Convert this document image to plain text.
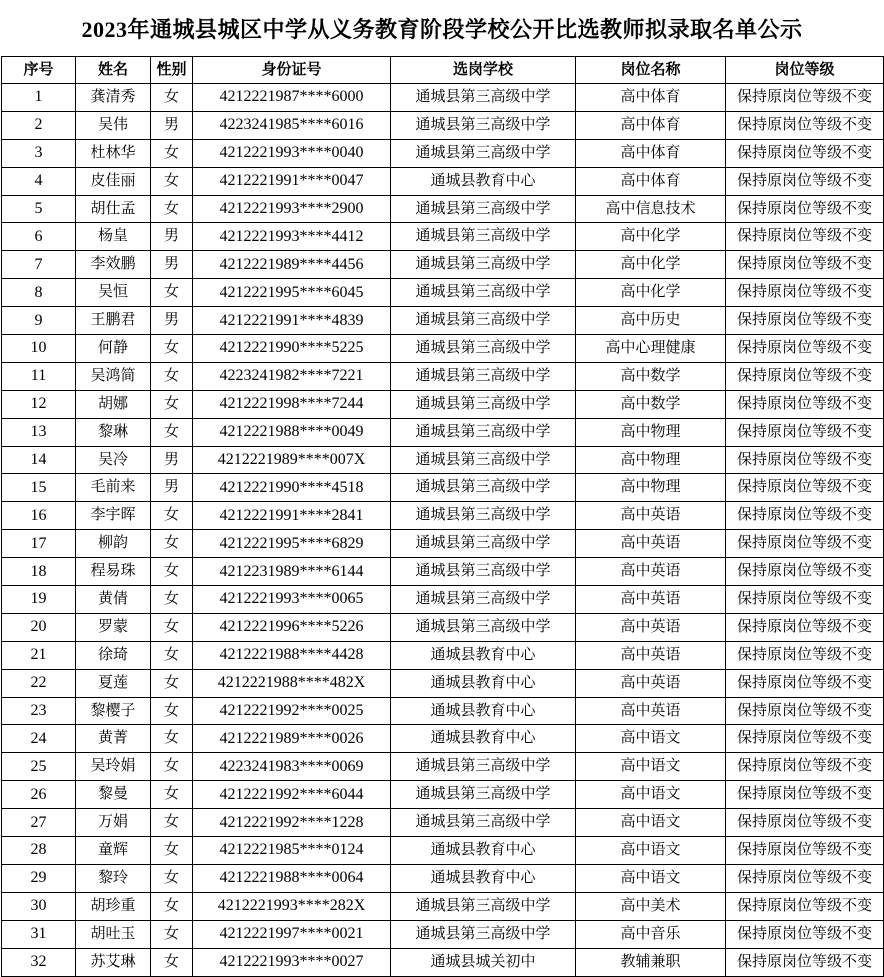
2023年通城县城区中学从义务教育阶段学校公开比选教师拟录取名单公示
序号	姓名	性别	身份证号	选岗学校	岗位名称	岗位等级
1	龚清秀	女	4212221987****6000	通城县第三高级中学	高中体育	保持原岗位等级不变
2	吴伟	男	4223241985****6016	通城县第三高级中学	高中体育	保持原岗位等级不变
3	杜林华	女	4212221993****0040	通城县第三高级中学	高中体育	保持原岗位等级不变
4	皮佳丽	女	4212221991****0047	通城县教育中心	高中体育	保持原岗位等级不变
5	胡仕孟	女	4212221993****2900	通城县第三高级中学	高中信息技术	保持原岗位等级不变
6	杨皇	男	4212221993****4412	通城县第三高级中学	高中化学	保持原岗位等级不变
7	李效鹏	男	4212221989****4456	通城县第三高级中学	高中化学	保持原岗位等级不变
8	吴恒	女	4212221995****6045	通城县第三高级中学	高中化学	保持原岗位等级不变
9	王鹏君	男	4212221991****4839	通城县第三高级中学	高中历史	保持原岗位等级不变
10	何静	女	4212221990****5225	通城县第三高级中学	高中心理健康	保持原岗位等级不变
11	吴鸿简	女	4223241982****7221	通城县第三高级中学	高中数学	保持原岗位等级不变
12	胡娜	女	4212221998****7244	通城县第三高级中学	高中数学	保持原岗位等级不变
13	黎琳	女	4212221988****0049	通城县第三高级中学	高中物理	保持原岗位等级不变
14	吴冷	男	4212221989****007X	通城县第三高级中学	高中物理	保持原岗位等级不变
15	毛前来	男	4212221990****4518	通城县第三高级中学	高中物理	保持原岗位等级不变
16	李宇晖	女	4212221991****2841	通城县第三高级中学	高中英语	保持原岗位等级不变
17	柳韵	女	4212221995****6829	通城县第三高级中学	高中英语	保持原岗位等级不变
18	程易珠	女	4212231989****6144	通城县第三高级中学	高中英语	保持原岗位等级不变
19	黄倩	女	4212221993****0065	通城县第三高级中学	高中英语	保持原岗位等级不变
20	罗蒙	女	4212221996****5226	通城县第三高级中学	高中英语	保持原岗位等级不变
21	徐琦	女	4212221988****4428	通城县教育中心	高中英语	保持原岗位等级不变
22	夏莲	女	4212221988****482X	通城县教育中心	高中英语	保持原岗位等级不变
23	黎樱子	女	4212221992****0025	通城县教育中心	高中英语	保持原岗位等级不变
24	黄菁	女	4212221989****0026	通城县教育中心	高中语文	保持原岗位等级不变
25	吴玲娟	女	4223241983****0069	通城县第三高级中学	高中语文	保持原岗位等级不变
26	黎曼	女	4212221992****6044	通城县第三高级中学	高中语文	保持原岗位等级不变
27	万娟	女	4212221992****1228	通城县第三高级中学	高中语文	保持原岗位等级不变
28	童辉	女	4212221985****0124	通城县教育中心	高中语文	保持原岗位等级不变
29	黎玲	女	4212221988****0064	通城县教育中心	高中语文	保持原岗位等级不变
30	胡珍重	女	4212221993****282X	通城县第三高级中学	高中美术	保持原岗位等级不变
31	胡吐玉	女	4212221997****0021	通城县第三高级中学	高中音乐	保持原岗位等级不变
32	苏艾琳	女	4212221993****0027	通城县城关初中	教辅兼职	保持原岗位等级不变
